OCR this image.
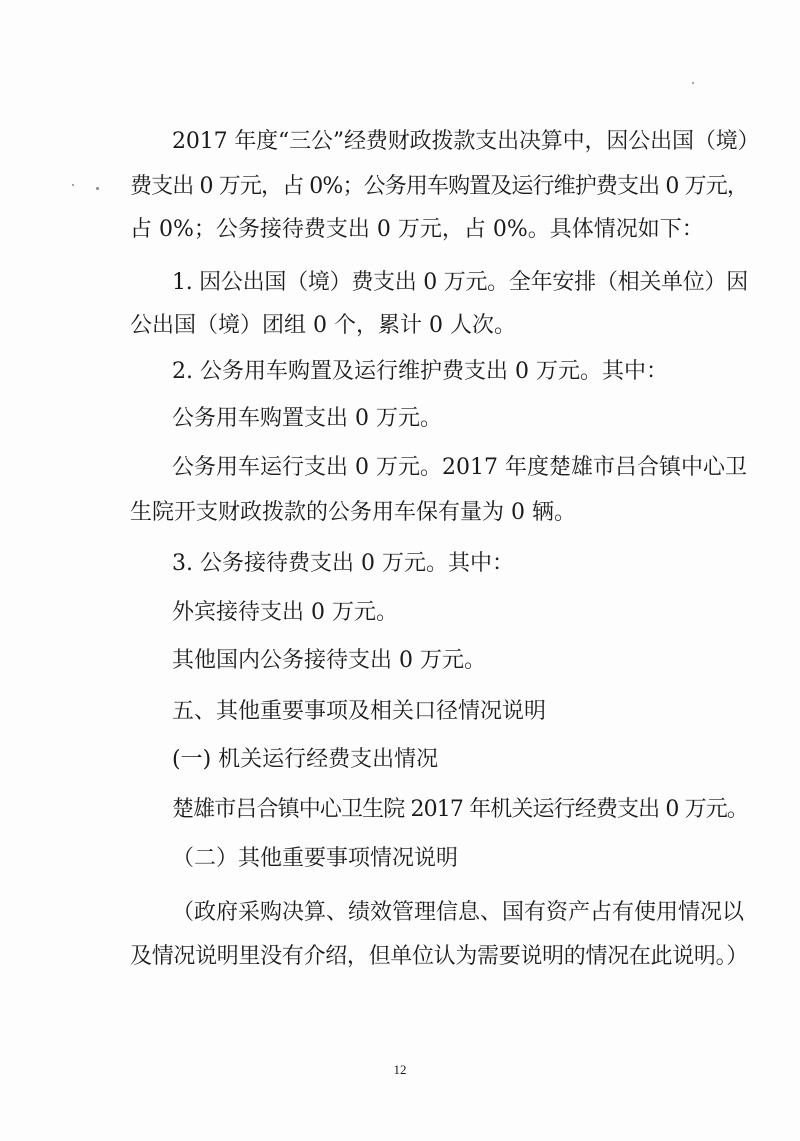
2017 年度“三公”经费财政拨款支出决算中，因公出国（境）
费支出 0 万元，占 0%；公务用车购置及运行维护费支出 0 万元，
占 0%；公务接待费支出 0 万元，占 0%。具体情况如下：
1. 因公出国（境）费支出 0 万元。全年安排（相关单位）因
公出国（境）团组 0 个，累计 0 人次。
2. 公务用车购置及运行维护费支出 0 万元。其中：
公务用车购置支出 0 万元。
公务用车运行支出 0 万元。2017 年度楚雄市吕合镇中心卫
生院开支财政拨款的公务用车保有量为 0 辆。
3. 公务接待费支出 0 万元。其中：
外宾接待支出 0 万元。
其他国内公务接待支出 0 万元。
五、其他重要事项及相关口径情况说明
(一) 机关运行经费支出情况
楚雄市吕合镇中心卫生院 2017 年机关运行经费支出 0 万元。
（二）其他重要事项情况说明
（政府采购决算、绩效管理信息、国有资产占有使用情况以
及情况说明里没有介绍，但单位认为需要说明的情况在此说明。）
12
